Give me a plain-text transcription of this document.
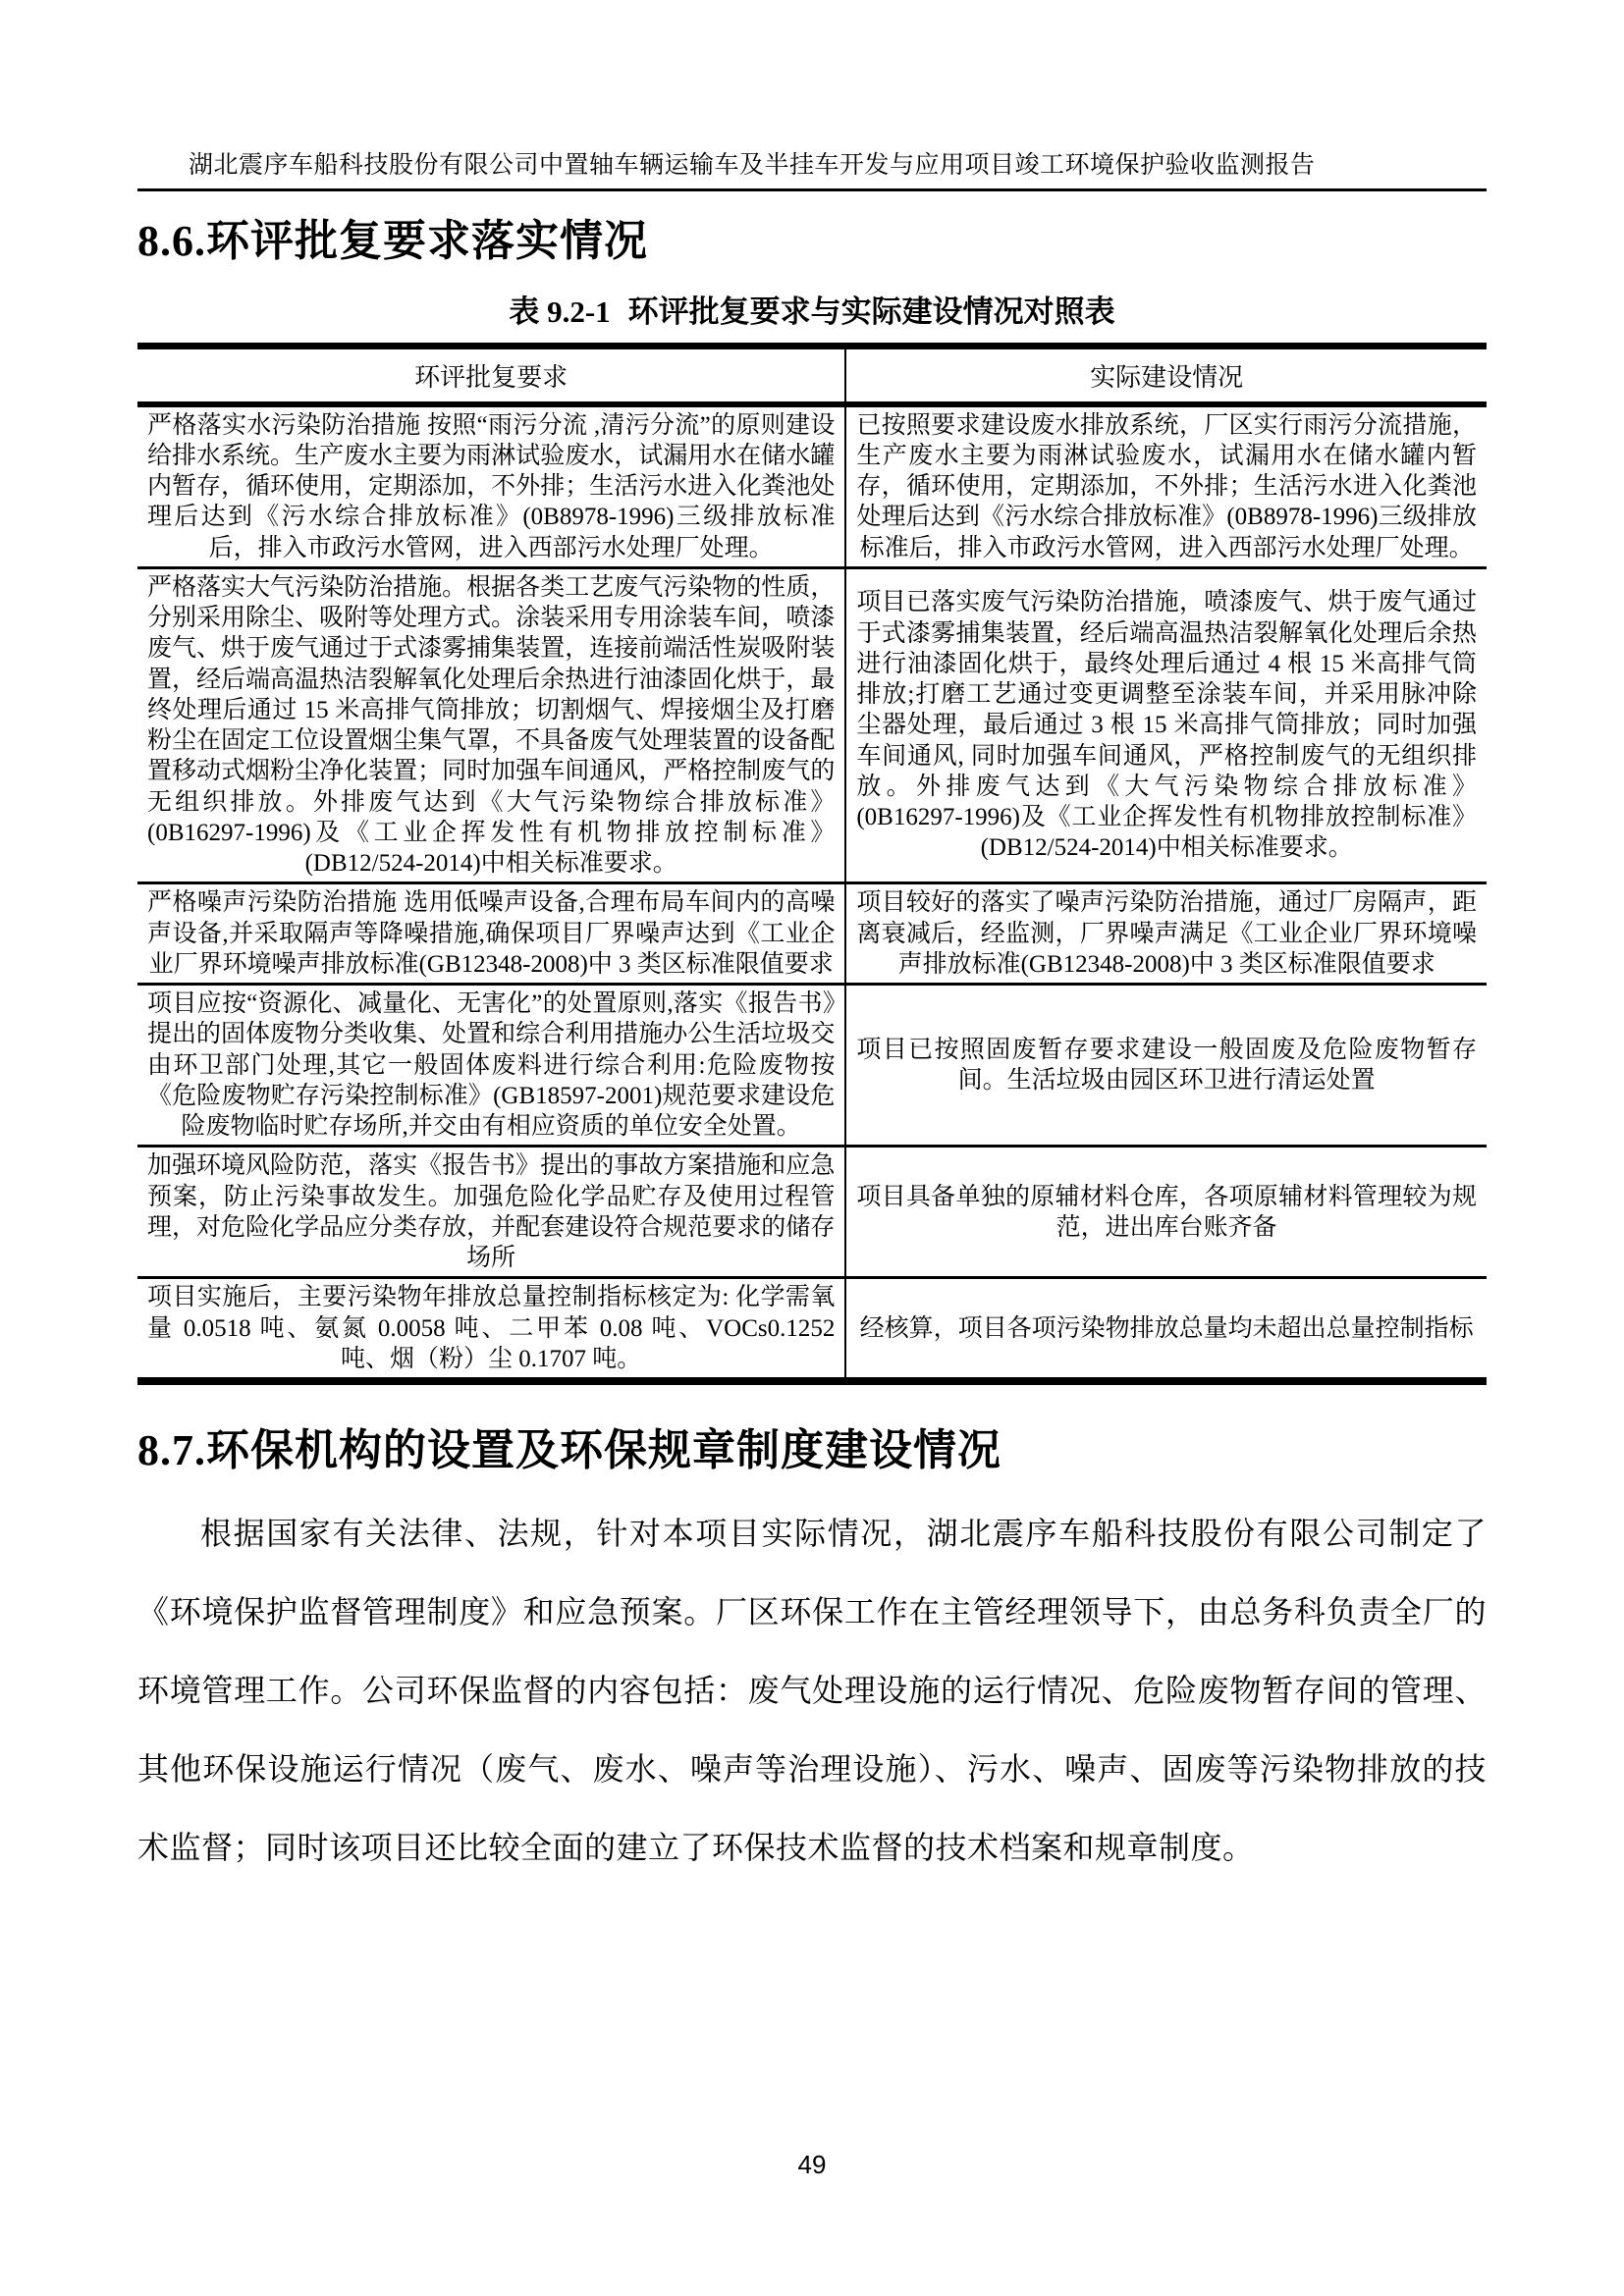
湖北震序车船科技股份有限公司中置轴车辆运输车及半挂车开发与应用项目竣工环境保护验收监测报告
8.6.环评批复要求落实情况
表 9.2-1 环评批复要求与实际建设情况对照表
环评批复要求	实际建设情况
严格落实水污染防治措施 按照“雨污分流 ,清污分流”的原则建设给排水系统。生产废水主要为雨淋试验废水，试漏用水在储水罐内暂存，循环使用，定期添加，不外排；生活污水进入化粪池处理后达到《污水综合排放标准》(0B8978-1996)三级排放标准后，排入市政污水管网，进入西部污水处理厂处理。	已按照要求建设废水排放系统，厂区实行雨污分流措施，生产废水主要为雨淋试验废水，试漏用水在储水罐内暂存，循环使用，定期添加，不外排；生活污水进入化粪池处理后达到《污水综合排放标准》(0B8978-1996)三级排放标准后，排入市政污水管网，进入西部污水处理厂处理。
严格落实大气污染防治措施。根据各类工艺废气污染物的性质，分别采用除尘、吸附等处理方式。涂装采用专用涂装车间，喷漆废气、烘于废气通过于式漆雾捕集装置，连接前端活性炭吸附装置，经后端高温热洁裂解氧化处理后余热进行油漆固化烘于，最终处理后通过 15 米高排气筒排放；切割烟气、焊接烟尘及打磨粉尘在固定工位设置烟尘集气罩，不具备废气处理装置的设备配置移动式烟粉尘净化装置；同时加强车间通风，严格控制废气的无组织排放。外排废气达到《大气污染物综合排放标准》(0B16297-1996)及《工业企挥发性有机物排放控制标准》(DB12/524-2014)中相关标准要求。	项目已落实废气污染防治措施，喷漆废气、烘于废气通过于式漆雾捕集装置，经后端高温热洁裂解氧化处理后余热进行油漆固化烘于，最终处理后通过 4 根 15 米高排气筒排放;打磨工艺通过变更调整至涂装车间，并采用脉冲除尘器处理，最后通过 3 根 15 米高排气筒排放；同时加强车间通风, 同时加强车间通风，严格控制废气的无组织排放。外排废气达到《大气污染物综合排放标准》(0B16297-1996)及《工业企挥发性有机物排放控制标准》(DB12/524-2014)中相关标准要求。
严格噪声污染防治措施 选用低噪声设备,合理布局车间内的高噪声设备,并采取隔声等降噪措施,确保项目厂界噪声达到《工业企业厂界环境噪声排放标准(GB12348-2008)中 3 类区标准限值要求	项目较好的落实了噪声污染防治措施，通过厂房隔声，距离衰减后，经监测，厂界噪声满足《工业企业厂界环境噪声排放标准(GB12348-2008)中 3 类区标准限值要求
项目应按“资源化、减量化、无害化”的处置原则,落实《报告书》提出的固体废物分类收集、处置和综合利用措施办公生活垃圾交由环卫部门处理,其它一般固体废料进行综合利用:危险废物按《危险废物贮存污染控制标准》(GB18597-2001)规范要求建设危险废物临时贮存场所,并交由有相应资质的单位安全处置。	项目已按照固废暂存要求建设一般固废及危险废物暂存间。生活垃圾由园区环卫进行清运处置
加强环境风险防范，落实《报告书》提出的事故方案措施和应急预案，防止污染事故发生。加强危险化学品贮存及使用过程管理，对危险化学品应分类存放，并配套建设符合规范要求的储存场所	项目具备单独的原辅材料仓库，各项原辅材料管理较为规范，进出库台账齐备
项目实施后，主要污染物年排放总量控制指标核定为: 化学需氧量 0.0518 吨、氨氮 0.0058 吨、二甲苯 0.08 吨、VOCs0.1252 吨、烟（粉）尘 0.1707 吨。	经核算，项目各项污染物排放总量均未超出总量控制指标
8.7.环保机构的设置及环保规章制度建设情况

根据国家有关法律、法规，针对本项目实际情况，湖北震序车船科技股份有限公司制定了《环境保护监督管理制度》和应急预案。厂区环保工作在主管经理领导下，由总务科负责全厂的环境管理工作。公司环保监督的内容包括：废气处理设施的运行情况、危险废物暂存间的管理、其他环保设施运行情况（废气、废水、噪声等治理设施）、污水、噪声、固废等污染物排放的技术监督；同时该项目还比较全面的建立了环保技术监督的技术档案和规章制度。

49
